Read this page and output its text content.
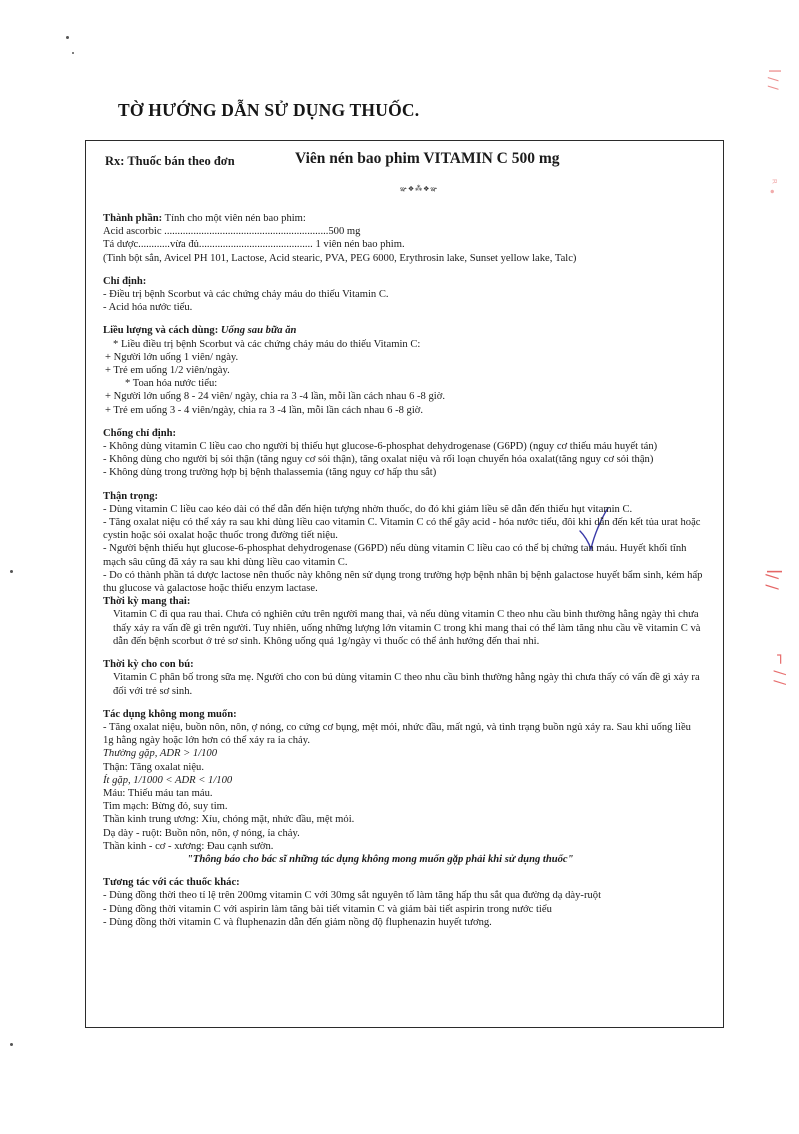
ꟾ ∕ ∕
ᴿ ∙
ꟾ∕ ∕
⌐ ∕ ∕
TỜ HƯỚNG DẪN SỬ DỤNG THUỐC.
Rx: Thuốc bán theo đơn	Viên nén bao phim VITAMIN C 500 mg
ఞ❖⁂❖ఞ

Thành phần: Tính cho một viên nén bao phim:

Acid ascorbic ..............................................................500 mg

Tá dược............vừa đủ........................................... 1 viên nén bao phim.

(Tinh bột sắn, Avicel PH 101, Lactose, Acid stearic, PVA, PEG 6000, Erythrosin lake, Sunset yellow lake, Talc)

Chỉ định:

- Điều trị bệnh Scorbut và các chứng chảy máu do thiếu Vitamin C.

- Acid hóa nước tiểu.

Liều lượng và cách dùng: Uống sau bữa ăn

* Liều điều trị bệnh Scorbut và các chứng chảy máu do thiếu Vitamin C:

+ Người lớn uống 1 viên/ ngày.

+ Trẻ em uống 1/2 viên/ngày.

* Toan hóa nước tiểu:

+ Người lớn uống 8 - 24 viên/ ngày, chia ra 3 -4 lần, mỗi lần cách nhau 6 -8 giờ.

+ Trẻ em uống 3 - 4 viên/ngày, chia ra 3 -4 lần, mỗi lần cách nhau 6 -8 giờ.

Chống chỉ định:

- Không dùng vitamin C liều cao cho người bị thiếu hụt glucose-6-phosphat dehydrogenase (G6PD) (nguy cơ thiếu máu huyết tán)

- Không dùng cho người bị sỏi thận (tăng nguy cơ sỏi thận), tăng oxalat niệu và rối loạn chuyển hóa oxalat(tăng nguy cơ sỏi thận)

- Không dùng trong trường hợp bị bệnh thalassemia (tăng nguy cơ hấp thu sắt)

Thận trọng:

- Dùng vitamin C liều cao kéo dài có thể dẫn đến hiện tượng nhờn thuốc, do đó khi giảm liều sẽ dẫn đến thiếu hụt vitamin C.

- Tăng oxalat niệu có thể xảy ra sau khi dùng liều cao vitamin C. Vitamin C có thể gây acid - hóa nước tiểu, đôi khi dẫn đến kết tủa urat hoặc cystin hoặc sỏi oxalat hoặc thuốc trong đường tiết niệu.

- Người bệnh thiếu hụt glucose-6-phosphat dehydrogenase (G6PD) nếu dùng vitamin C liều cao có thể bị chứng tan máu. Huyết khối tĩnh mạch sâu cũng đã xảy ra sau khi dùng liều cao vitamin C.

- Do có thành phần tá dược lactose nên thuốc này không nên sử dụng trong trường hợp bệnh nhân bị bệnh galactose huyết bẩm sinh, kém hấp thu glucose và galactose hoặc thiếu enzym lactase.

Thời kỳ mang thai:

Vitamin C đi qua rau thai. Chưa có nghiên cứu trên người mang thai, và nếu dùng vitamin C theo nhu cầu bình thường hằng ngày thì chưa thấy xảy ra vấn đề gì trên người. Tuy nhiên, uống những lượng lớn vitamin C trong khi mang thai có thể làm tăng nhu cầu về vitamin C và dẫn đến bệnh scorbut ở trẻ sơ sinh. Không uống quá 1g/ngày vì thuốc có thể ảnh hưởng đến thai nhi.

Thời kỳ cho con bú:

Vitamin C phân bố trong sữa mẹ. Người cho con bú dùng vitamin C theo nhu cầu bình thường hằng ngày thì chưa thấy có vấn đề gì xảy ra đối với trẻ sơ sinh.

Tác dụng không mong muốn:

- Tăng oxalat niệu, buồn nôn, nôn, ợ nóng, co cứng cơ bụng, mệt mỏi, nhức đầu, mất ngủ, và tình trạng buồn ngủ xảy ra. Sau khi uống liều 1g hằng ngày hoặc lớn hơn có thể xảy ra ỉa chảy.

Thường gặp, ADR > 1/100

Thận: Tăng oxalat niệu.

Ít gặp, 1/1000 < ADR < 1/100

Máu: Thiếu máu tan máu.

Tim mạch: Bừng đỏ, suy tim.

Thần kinh trung ương: Xỉu, chóng mặt, nhức đầu, mệt mỏi.

Dạ dày - ruột: Buồn nôn, nôn, ợ nóng, ỉa chảy.

Thần kinh - cơ - xương: Đau cạnh sườn.

"Thông báo cho bác sĩ những tác dụng không mong muốn gặp phải khi sử dụng thuốc"

Tương tác với các thuốc khác:

- Dùng đồng thời theo tỉ lệ trên 200mg vitamin C với 30mg sắt nguyên tố làm tăng hấp thu sắt qua đường dạ dày-ruột

- Dùng đồng thời vitamin C với aspirin làm tăng bài tiết vitamin C và giảm bài tiết aspirin trong nước tiểu

- Dùng đồng thời vitamin C và fluphenazin dẫn đến giảm nồng độ fluphenazin huyết tương.
